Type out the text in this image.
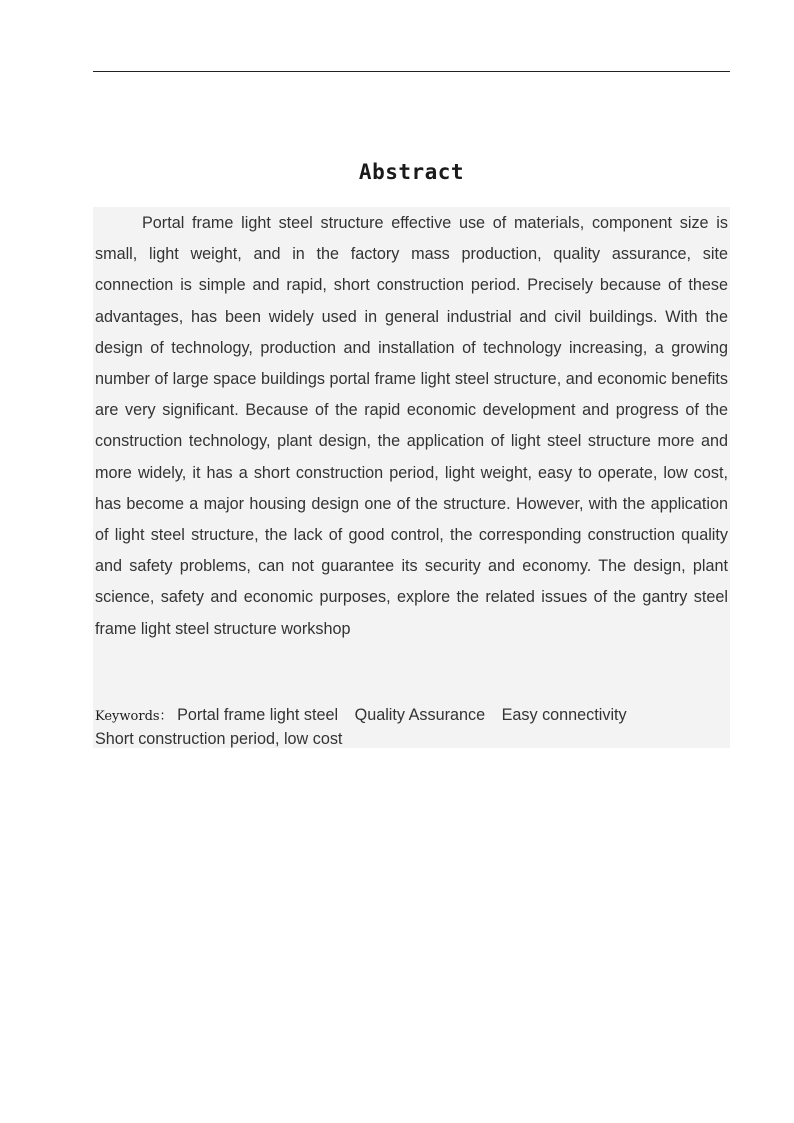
Abstract

Portal frame light steel structure effective use of materials, component size is small, light weight, and in the factory mass production, quality assurance, site connection is simple and rapid, short construction period. Precisely because of these advantages, has been widely used in general industrial and civil buildings. With the design of technology, production and installation of technology increasing, a growing number of large space buildings portal frame light steel structure, and economic benefits are very significant. Because of the rapid economic development and progress of the construction technology, plant design, the application of light steel structure more and more widely, it has a short construction period, light weight, easy to operate, low cost, has become a major housing design one of the structure. However, with the application of light steel structure, the lack of good control, the corresponding construction quality and safety problems, can not guarantee its security and economy. The design, plant science, safety and economic purposes, explore the related issues of the gantry steel frame light steel structure workshop

Keywords： Portal frame light steel Quality Assurance Easy connectivity
Short construction period, low cost
